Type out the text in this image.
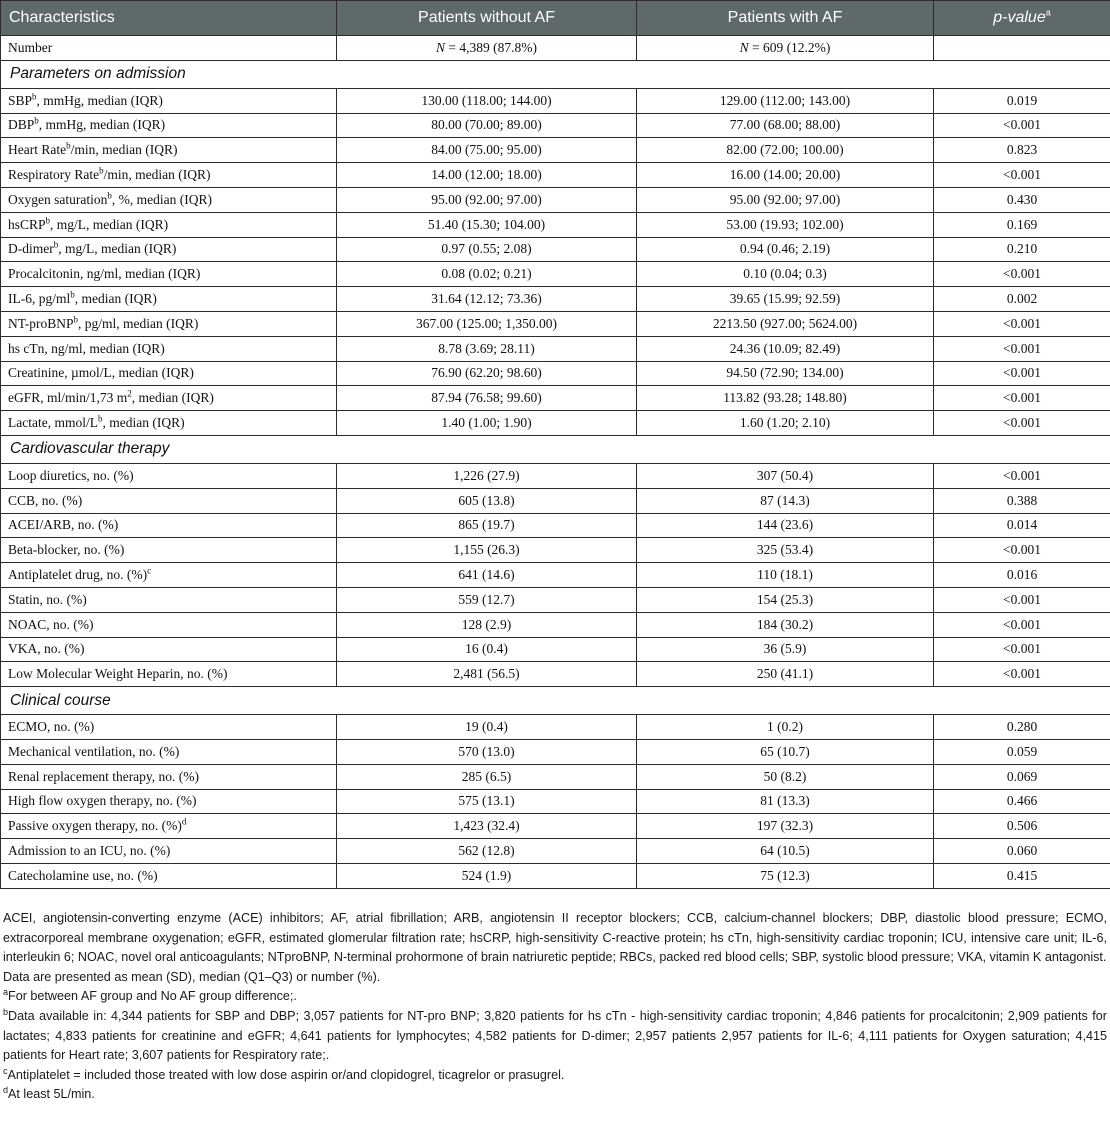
Characteristics	Patients without AF	Patients with AF	p-value$^a$
Number	N = 4,389 (87.8%)	N = 609 (12.2%)	
Parameters on admission			
SBP$^b$, mmHg, median (IQR)	130.00 (118.00; 144.00)	129.00 (112.00; 143.00)	0.019
DBP$^b$, mmHg, median (IQR)	80.00 (70.00; 89.00)	77.00 (68.00; 88.00)	<0.001
Heart Rate$^b$/min, median (IQR)	84.00 (75.00; 95.00)	82.00 (72.00; 100.00)	0.823
Respiratory Rate$^b$/min, median (IQR)	14.00 (12.00; 18.00)	16.00 (14.00; 20.00)	<0.001
Oxygen saturation$^b$, %, median (IQR)	95.00 (92.00; 97.00)	95.00 (92.00; 97.00)	0.430
hsCRP$^b$, mg/L, median (IQR)	51.40 (15.30; 104.00)	53.00 (19.93; 102.00)	0.169
D-dimer$^b$, mg/L, median (IQR)	0.97 (0.55; 2.08)	0.94 (0.46; 2.19)	0.210
Procalcitonin, ng/ml, median (IQR)	0.08 (0.02; 0.21)	0.10 (0.04; 0.3)	<0.001
IL-6, $pg/ml^b$, median (IQR)	31.64 (12.12; 73.36)	39.65 (15.99; 92.59)	0.002
NT-proBNP$^b$, pg/ml, median (IQR)	367.00 (125.00; 1,350.00)	2213.50 (927.00; 5624.00)	<0.001
hs cTn, ng/ml, median (IQR)	8.78 (3.69; 28.11)	24.36 (10.09; 82.49)	<0.001
Creatinine, µmol/L, median (IQR)	76.90 (62.20; 98.60)	94.50 (72.90; 134.00)	<0.001
eGFR, ml/min/1,73 $m^2$, median (IQR)	87.94 (76.58; 99.60)	113.82 (93.28; 148.80)	<0.001
Lactate, mmol/$L^b$, median (IQR)	1.40 (1.00; 1.90)	1.60 (1.20; 2.10)	<0.001
Cardiovascular therapy			
Loop diuretics, no. (%)	1,226 (27.9)	307 (50.4)	<0.001
CCB, no. (%)	605 (13.8)	87 (14.3)	0.388
ACEI/ARB, no. (%)	865 (19.7)	144 (23.6)	0.014
Beta-blocker, no. (%)	1,155 (26.3)	325 (53.4)	<0.001
Antiplatelet drug, no. (%)$^c$	641 (14.6)	110 (18.1)	0.016
Statin, no. (%)	559 (12.7)	154 (25.3)	<0.001
NOAC, no. (%)	128 (2.9)	184 (30.2)	<0.001
VKA, no. (%)	16 (0.4)	36 (5.9)	<0.001
Low Molecular Weight Heparin, no. (%)	2,481 (56.5)	250 (41.1)	<0.001
Clinical course			
ECMO, no. (%)	19 (0.4)	1 (0.2)	0.280
Mechanical ventilation, no. (%)	570 (13.0)	65 (10.7)	0.059
Renal replacement therapy, no. (%)	285 (6.5)	50 (8.2)	0.069
High flow oxygen therapy, no. (%)	575 (13.1)	81 (13.3)	0.466
Passive oxygen therapy, no. (%)$^d$	1,423 (32.4)	197 (32.3)	0.506
Admission to an ICU, no. (%)	562 (12.8)	64 (10.5)	0.060
Catecholamine use, no. (%)	524 (1.9)	75 (12.3)	0.415

ACEI, angiotensin-converting enzyme (ACE) inhibitors; AF, atrial fibrillation; ARB, angiotensin II receptor blockers; CCB, calcium-channel blockers; DBP, diastolic blood pressure; ECMO, extracorporeal membrane oxygenation; eGFR, estimated glomerular filtration rate; hsCRP, high-sensitivity C-reactive protein; hs cTn, high-sensitivity cardiac troponin; ICU, intensive care unit; IL-6, interleukin 6; NOAC, novel oral anticoagulants; NTproBNP, N-terminal prohormone of brain natriuretic peptide; RBCs, packed red blood cells; SBP, systolic blood pressure; VKA, vitamin K antagonist.

Data are presented as mean (SD), median (Q1–Q3) or number (%).

$^a$For between AF group and No AF group difference;.

$^b$Data available in: 4,344 patients for SBP and DBP; 3,057 patients for NT-pro BNP; 3,820 patients for hs cTn - high-sensitivity cardiac troponin; 4,846 patients for procalcitonin; 2,909 patients for lactates; 4,833 patients for creatinine and eGFR; 4,641 patients for lymphocytes; 4,582 patients for D-dimer; 2,957 patients 2,957 patients for IL-6; 4,111 patients for Oxygen saturation; 4,415 patients for Heart rate; 3,607 patients for Respiratory rate;.

$^c$Antiplatelet = included those treated with low dose aspirin or/and clopidogrel, ticagrelor or prasugrel.

$^d$At least 5L/min.
